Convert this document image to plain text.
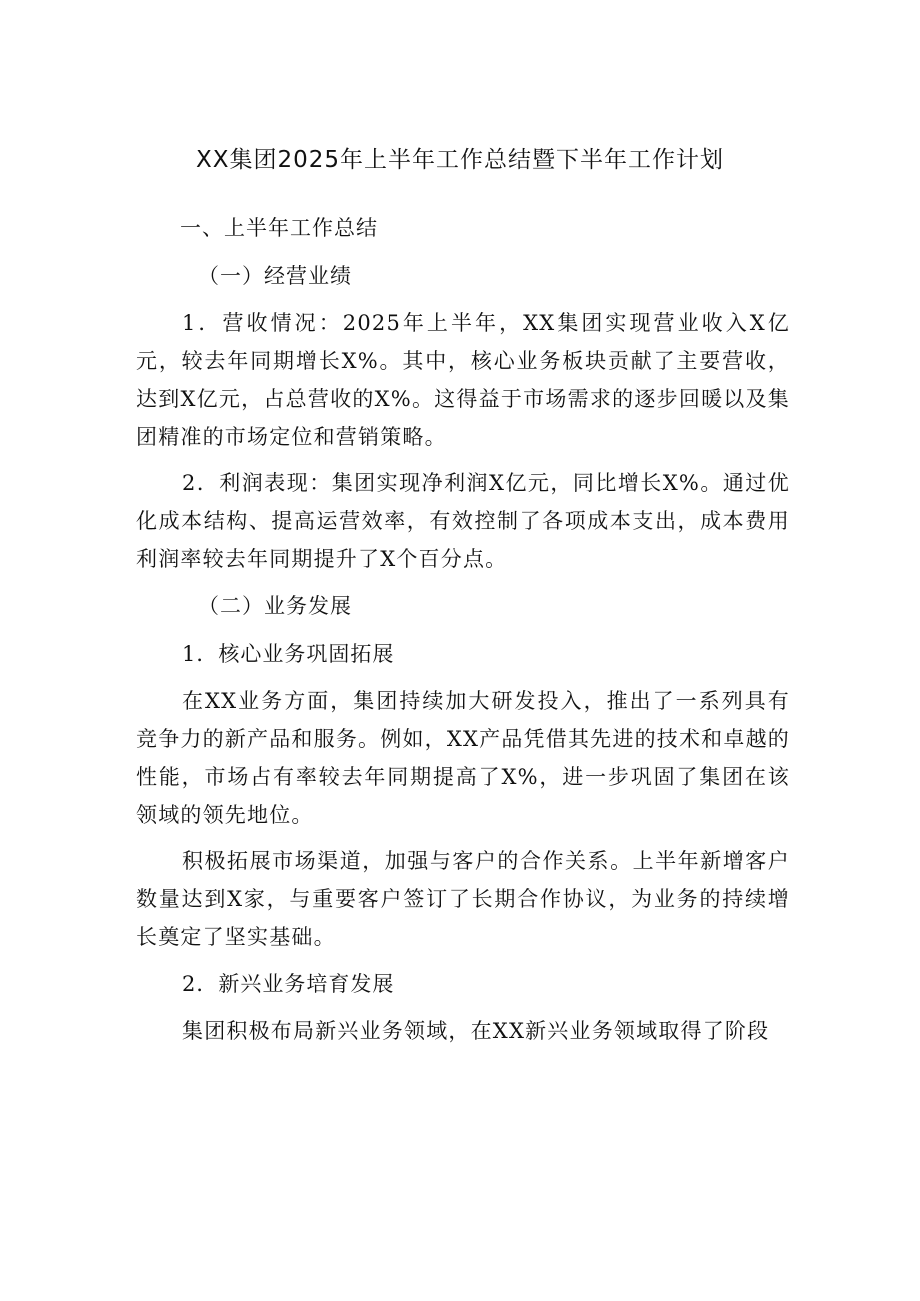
XX集团2025年上半年工作总结暨下半年工作计划

一、上半年工作总结

（一）经营业绩

1．营收情况：2025年上半年，XX集团实现营业收入X亿元，较去年同期增长X%。其中，核心业务板块贡献了主要营收，达到X亿元，占总营收的X%。这得益于市场需求的逐步回暖以及集团精准的市场定位和营销策略。

2．利润表现：集团实现净利润X亿元，同比增长X%。通过优化成本结构、提高运营效率，有效控制了各项成本支出，成本费用利润率较去年同期提升了X个百分点。

（二）业务发展

1．核心业务巩固拓展

在XX业务方面，集团持续加大研发投入，推出了一系列具有竞争力的新产品和服务。例如，XX产品凭借其先进的技术和卓越的性能，市场占有率较去年同期提高了X%，进一步巩固了集团在该领域的领先地位。

积极拓展市场渠道，加强与客户的合作关系。上半年新增客户数量达到X家，与重要客户签订了长期合作协议，为业务的持续增长奠定了坚实基础。

2．新兴业务培育发展

集团积极布局新兴业务领域，在XX新兴业务领域取得了阶段
